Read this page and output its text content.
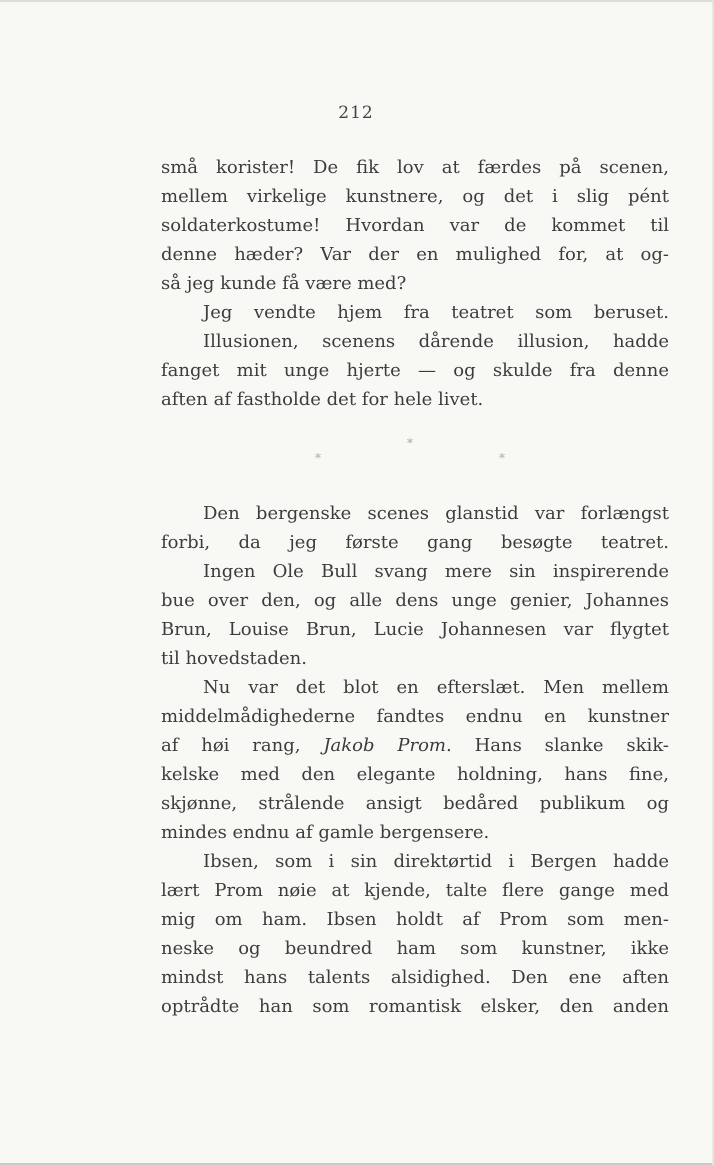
212
små korister! De fik lov at færdes på scenen,
mellem virkelige kunstnere, og det i slig pént
soldaterkostume! Hvordan var de kommet til
denne hæder? Var der en mulighed for, at og-
så jeg kunde få være med?
Jeg vendte hjem fra teatret som beruset.
Illusionen, scenens dårende illusion, hadde
fanget mit unge hjerte — og skulde fra denne
aften af fastholde det for hele livet.
*
*	*
Den bergenske scenes glanstid var forlængst
forbi, da jeg første gang besøgte teatret.
Ingen Ole Bull svang mere sin inspirerende
bue over den, og alle dens unge genier, Johannes
Brun, Louise Brun, Lucie Johannesen var flygtet
til hovedstaden.
Nu var det blot en efterslæt. Men mellem
middelmådighederne fandtes endnu en kunstner
af høi rang, Jakob Prom. Hans slanke skik-
kelske med den elegante holdning, hans fine,
skjønne, strålende ansigt bedåred publikum og
mindes endnu af gamle bergensere.
Ibsen, som i sin direktørtid i Bergen hadde
lært Prom nøie at kjende, talte flere gange med
mig om ham. Ibsen holdt af Prom som men-
neske og beundred ham som kunstner, ikke
mindst hans talents alsidighed. Den ene aften
optrådte han som romantisk elsker, den anden
